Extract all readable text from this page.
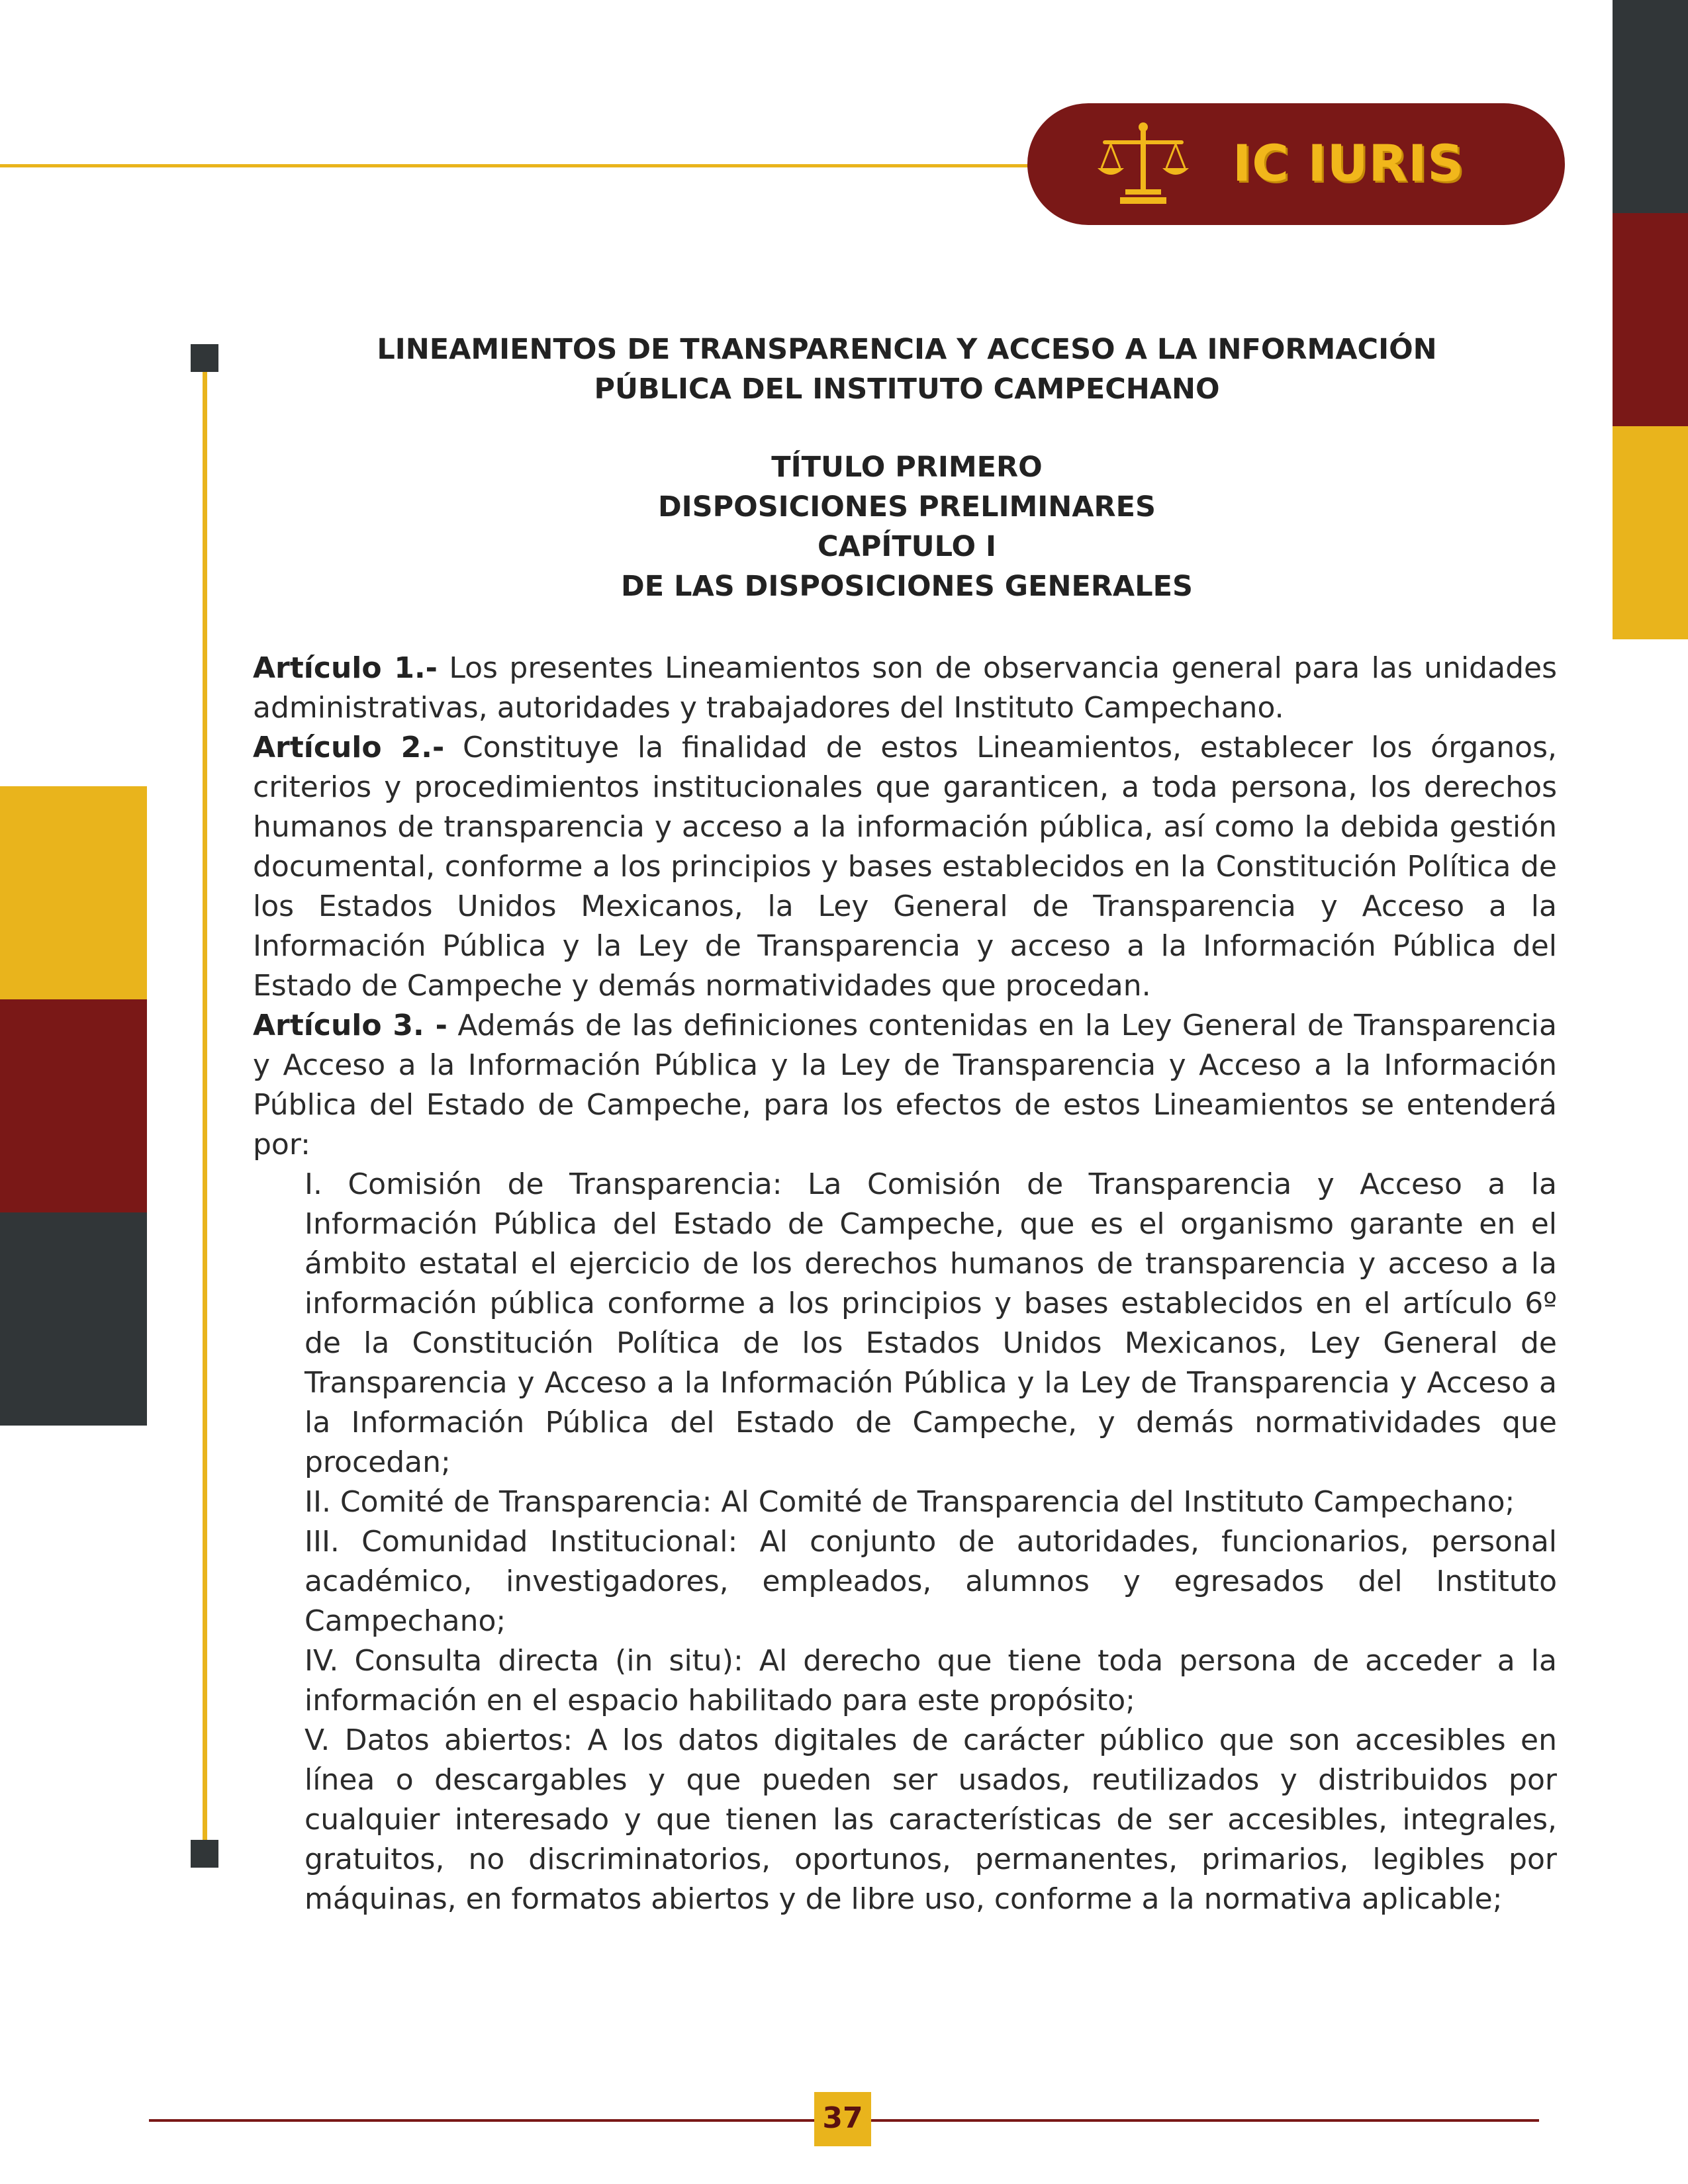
IC IURIS
LINEAMIENTOS DE TRANSPARENCIA Y ACCESO A LA INFORMACIÓN
PÚBLICA DEL INSTITUTO CAMPECHANO
TÍTULO PRIMERO
DISPOSICIONES PRELIMINARES
CAPÍTULO I
DE LAS DISPOSICIONES GENERALES

Artículo 1.- Los presentes Lineamientos son de observancia general para las unidades administrativas, autoridades y trabajadores del Instituto Campechano.

Artículo 2.- Constituye la finalidad de estos Lineamientos, establecer los órganos, criterios y procedimientos institucionales que garanticen, a toda persona, los derechos humanos de transparencia y acceso a la información pública, así como la debida gestión documental, conforme a los principios y bases establecidos en la Constitución Política de los Estados Unidos Mexicanos, la Ley General de Transparencia y Acceso a la Información Pública y la Ley de Transparencia y acceso a la Información Pública del Estado de Campeche y demás normatividades que procedan.

Artículo 3. - Además de las definiciones contenidas en la Ley General de Transparencia y Acceso a la Información Pública y la Ley de Transparencia y Acceso a la Información Pública del Estado de Campeche, para los efectos de estos Lineamientos se entenderá por:

I. Comisión de Transparencia: La Comisión de Transparencia y Acceso a la Información Pública del Estado de Campeche, que es el organismo garante en el ámbito estatal el ejercicio de los derechos humanos de transparencia y acceso a la información pública conforme a los principios y bases establecidos en el artículo 6º de la Constitución Política de los Estados Unidos Mexicanos, Ley General de Transparencia y Acceso a la Información Pública y la Ley de Transparencia y Acceso a la Información Pública del Estado de Campeche, y demás normatividades que procedan;

II. Comité de Transparencia: Al Comité de Transparencia del Instituto Campechano;

III. Comunidad Institucional: Al conjunto de autoridades, funcionarios, personal académico, investigadores, empleados, alumnos y egresados del Instituto Campechano;

IV. Consulta directa (in situ): Al derecho que tiene toda persona de acceder a la información en el espacio habilitado para este propósito;

V. Datos abiertos: A los datos digitales de carácter público que son accesibles en línea o descargables y que pueden ser usados, reutilizados y distribuidos por cualquier interesado y que tienen las características de ser accesibles, integrales, gratuitos, no discriminatorios, oportunos, permanentes, primarios, legibles por máquinas, en formatos abiertos y de libre uso, conforme a la normativa aplicable;

37
